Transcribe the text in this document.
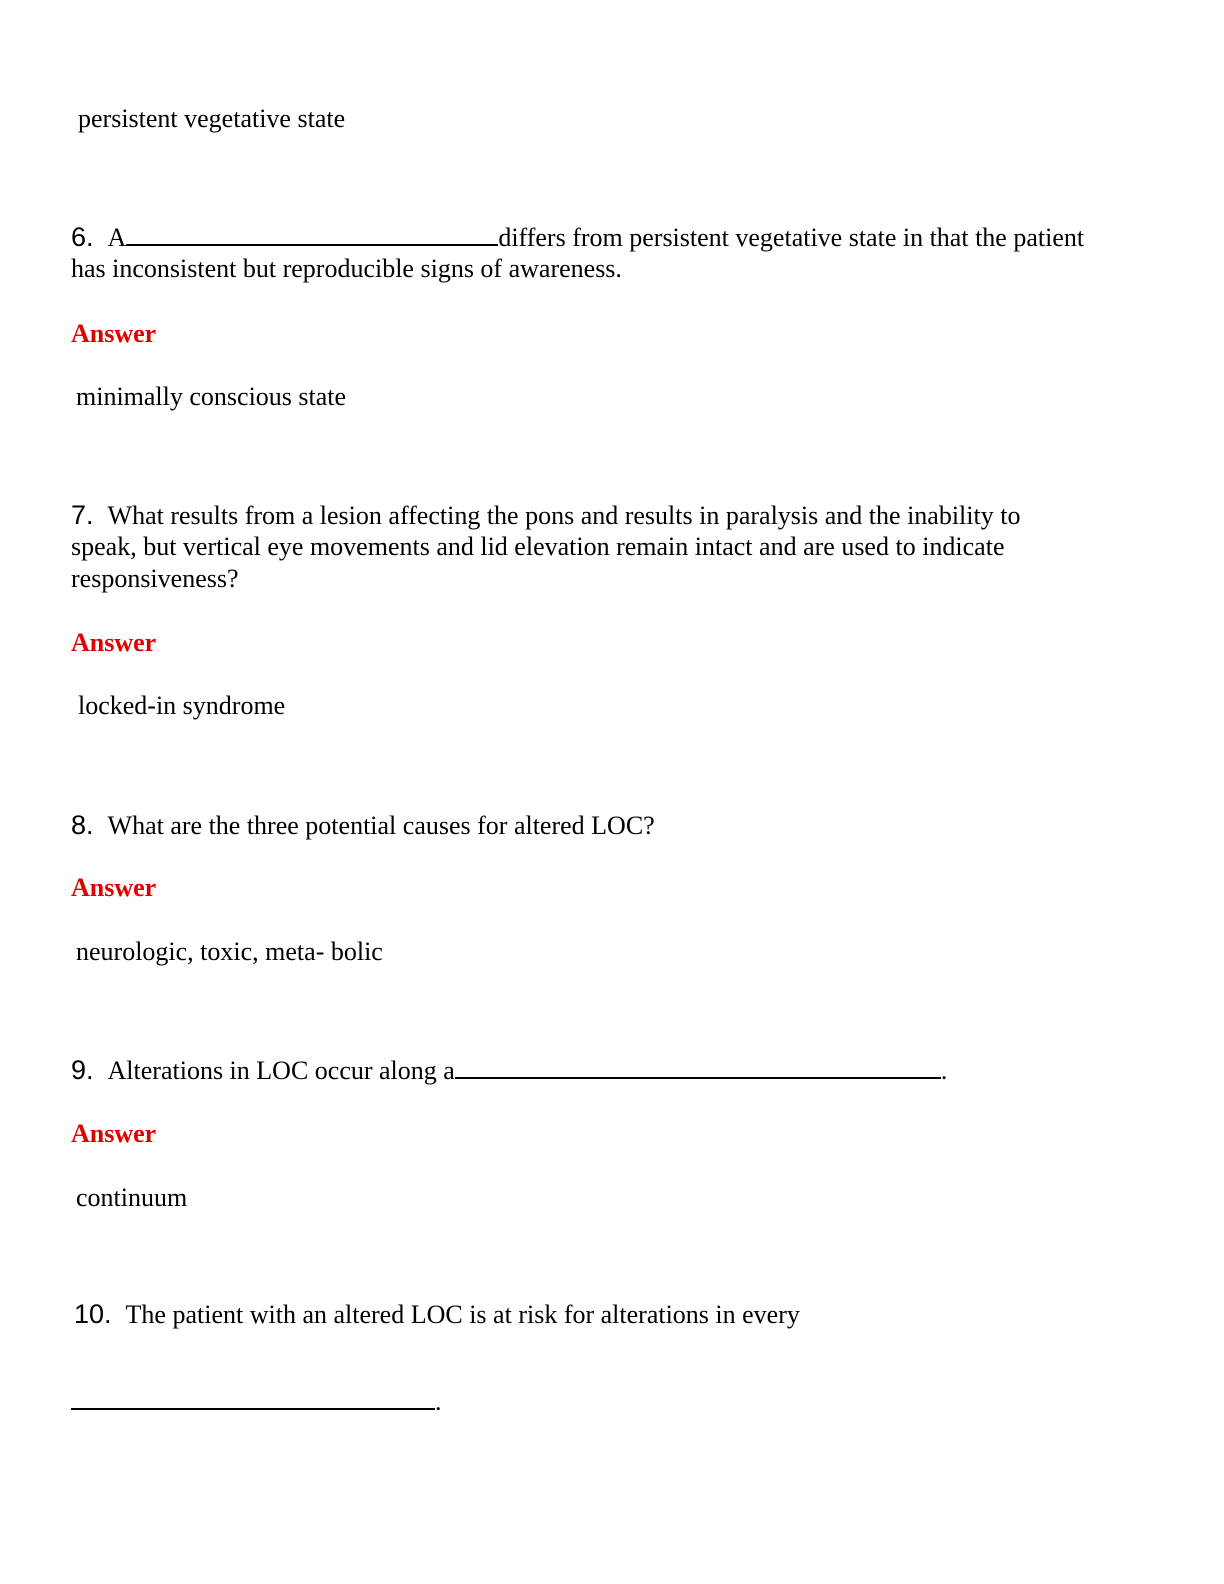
persistent vegetative state
6. A	differs from persistent vegetative state in that the patient
has inconsistent but reproducible signs of awareness.
Answer
minimally conscious state
7. What results from a lesion affecting the pons and results in paralysis and the inability to
speak, but vertical eye movements and lid elevation remain intact and are used to indicate
responsiveness?
Answer
locked-in syndrome
8. What are the three potential causes for altered LOC?
Answer
neurologic, toxic, meta- bolic
9. Alterations in LOC occur along a	.
Answer
continuum
10. The patient with an altered LOC is at risk for alterations in every
.
